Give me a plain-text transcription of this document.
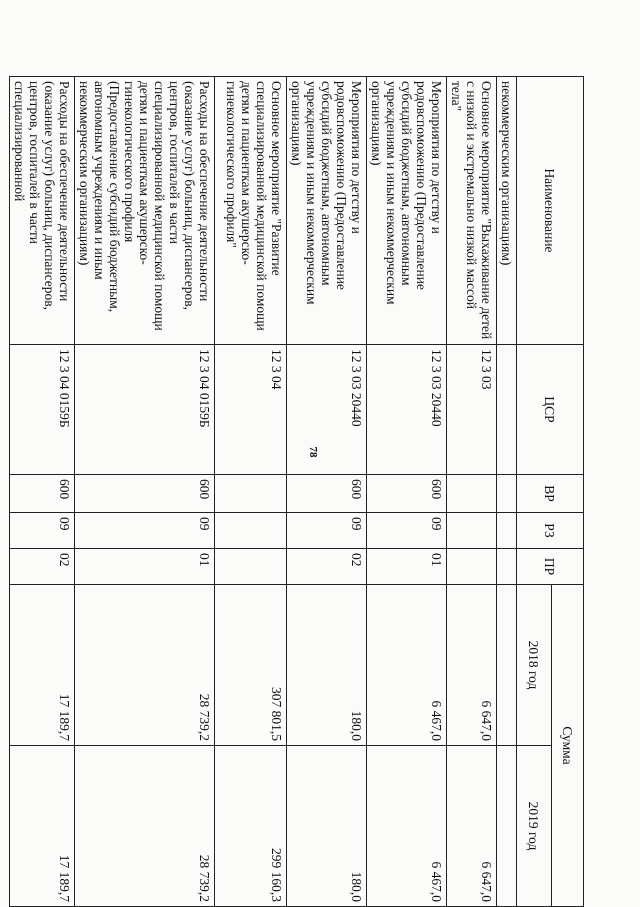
78
Наименование	ЦСР	ВР	РЗ	ПР	Сумма	
					2018 год	2019 год
некоммерческим организациям)						
Основное мероприятие "Выхаживание детей с низкой и экстремально низкой массой тела"	12 3 03				6 647,0	6 647,0
Мероприятия по детству и родовспоможению (Предоставление субсидий бюджетным, автономным учреждениям и иным некоммерческим организациям)	12 3 03 20440	600	09	01	6 467,0	6 467,0
Мероприятия по детству и родовспоможению (Предоставление субсидий бюджетным, автономным учреждениям и иным некоммерческим организациям)	12 3 03 20440	600	09	02	180,0	180,0
Основное мероприятие "Развитие специализированной медицинской помощи детям и пациенткам акушерско-гинекологического профиля"	12 3 04				307 801,5	299 160,3
Расходы на обеспечение деятельности (оказание услуг) больниц, диспансеров, центров, госпиталей в части специализированной медицинской помощи детям и пациенткам акушерско-гинекологического профиля (Предоставление субсидий бюджетным, автономным учреждениям и иным некоммерческим организациям)	12 3 04 0159Б	600	09	01	28 739,2	28 739,2
Расходы на обеспечение деятельности (оказание услуг) больниц, диспансеров, центров, госпиталей в части специализированной	12 3 04 0159Б	600	09	02	17 189,7	17 189,7
